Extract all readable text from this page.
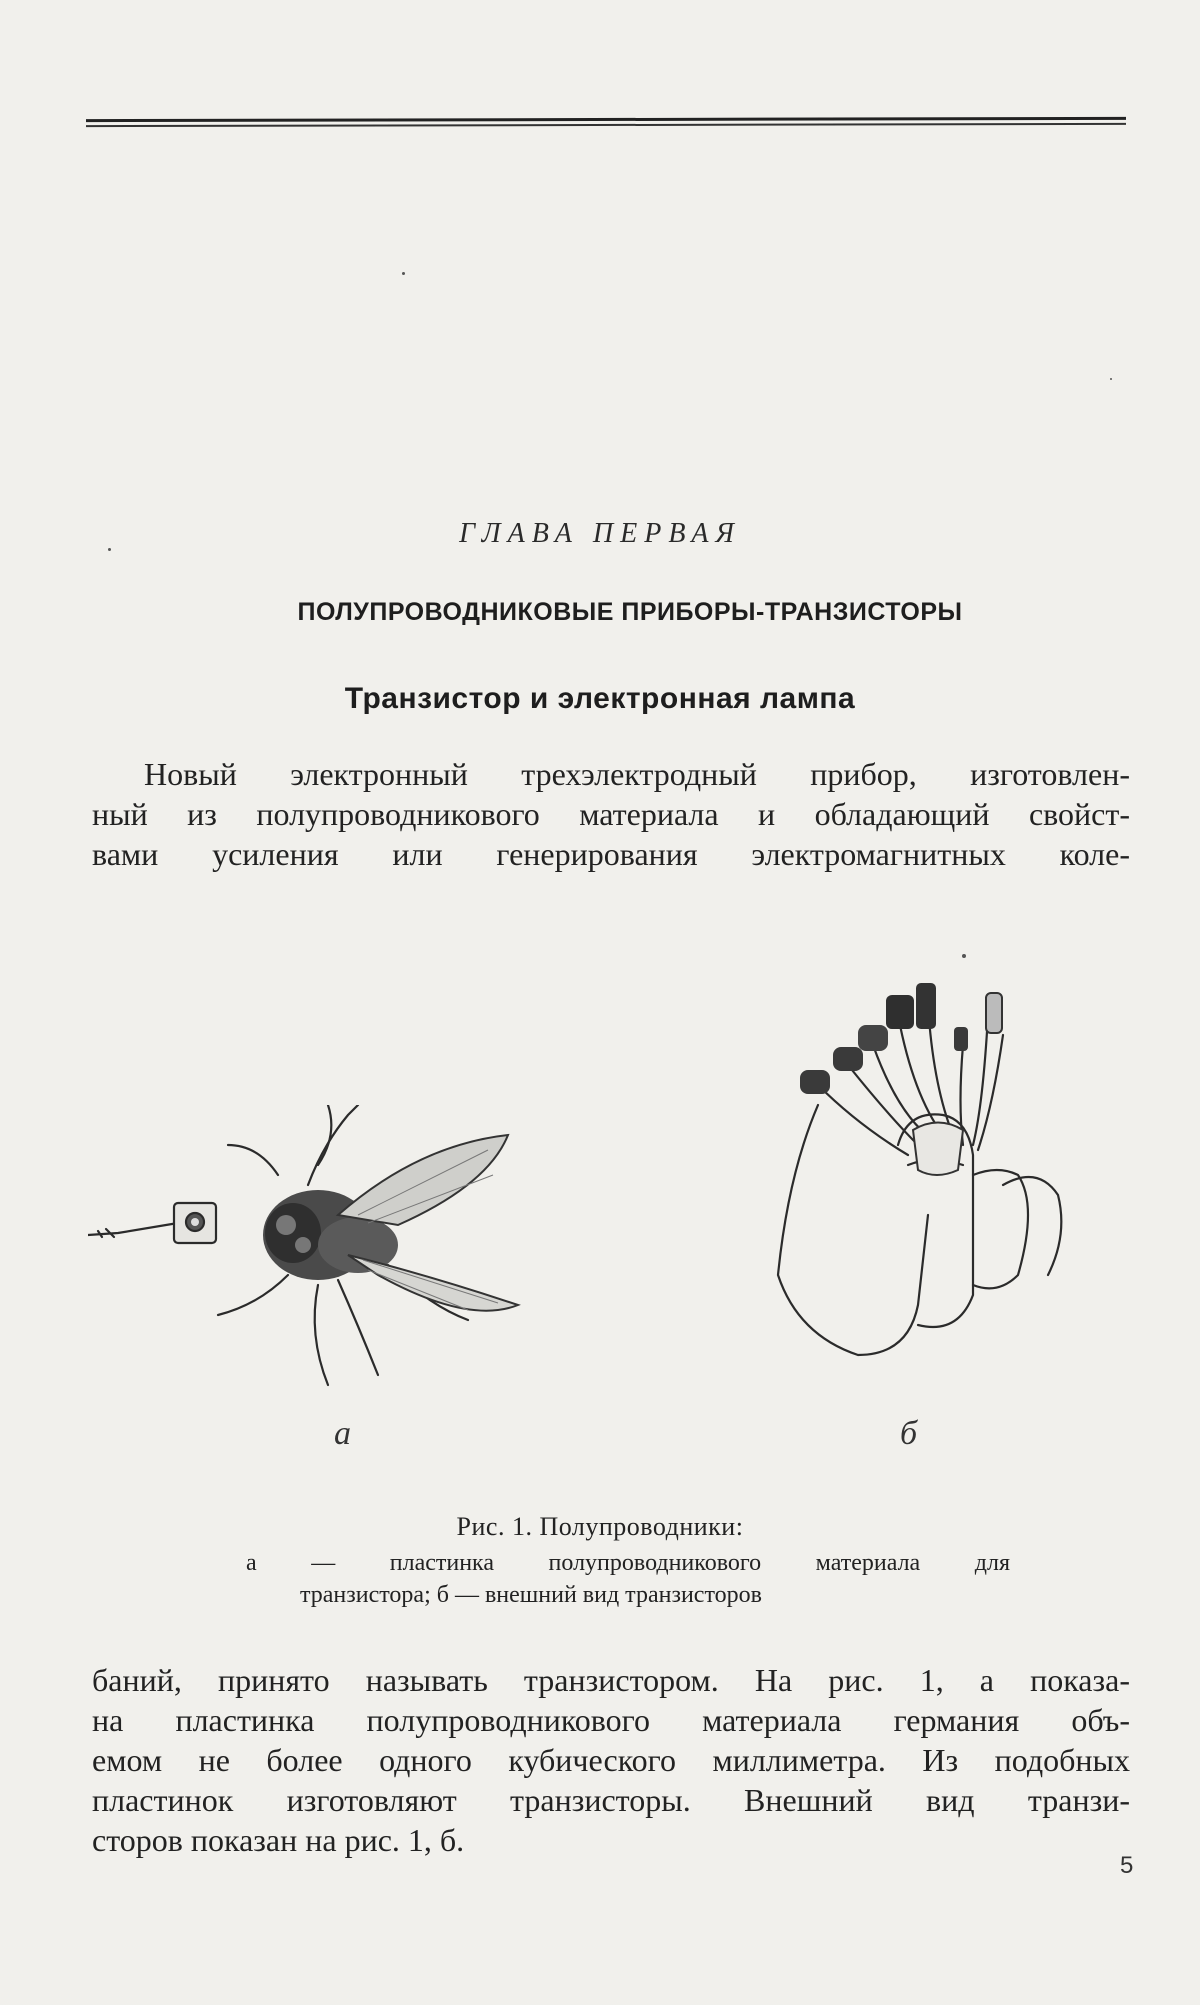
ГЛАВА ПЕРВАЯ
ПОЛУПРОВОДНИКОВЫЕ ПРИБОРЫ-ТРАНЗИСТОРЫ
Транзистор и электронная лампа
Новый электронный трехэлектродный прибор, изготовлен-
ный из полупроводникового материала и обладающий свойст-
вами усиления или генерирования электромагнитных коле-
а	б
Рис. 1. Полупроводники:
а — пластинка полупроводникового материала для
транзистора; б — внешний вид транзисторов
баний, принято называть транзистором. На рис. 1, а показа-
на пластинка полупроводникового материала германия объ-
емом не более одного кубического миллиметра. Из подобных
пластинок изготовляют транзисторы. Внешний вид транзи-
сторов показан на рис. 1, б.
5
